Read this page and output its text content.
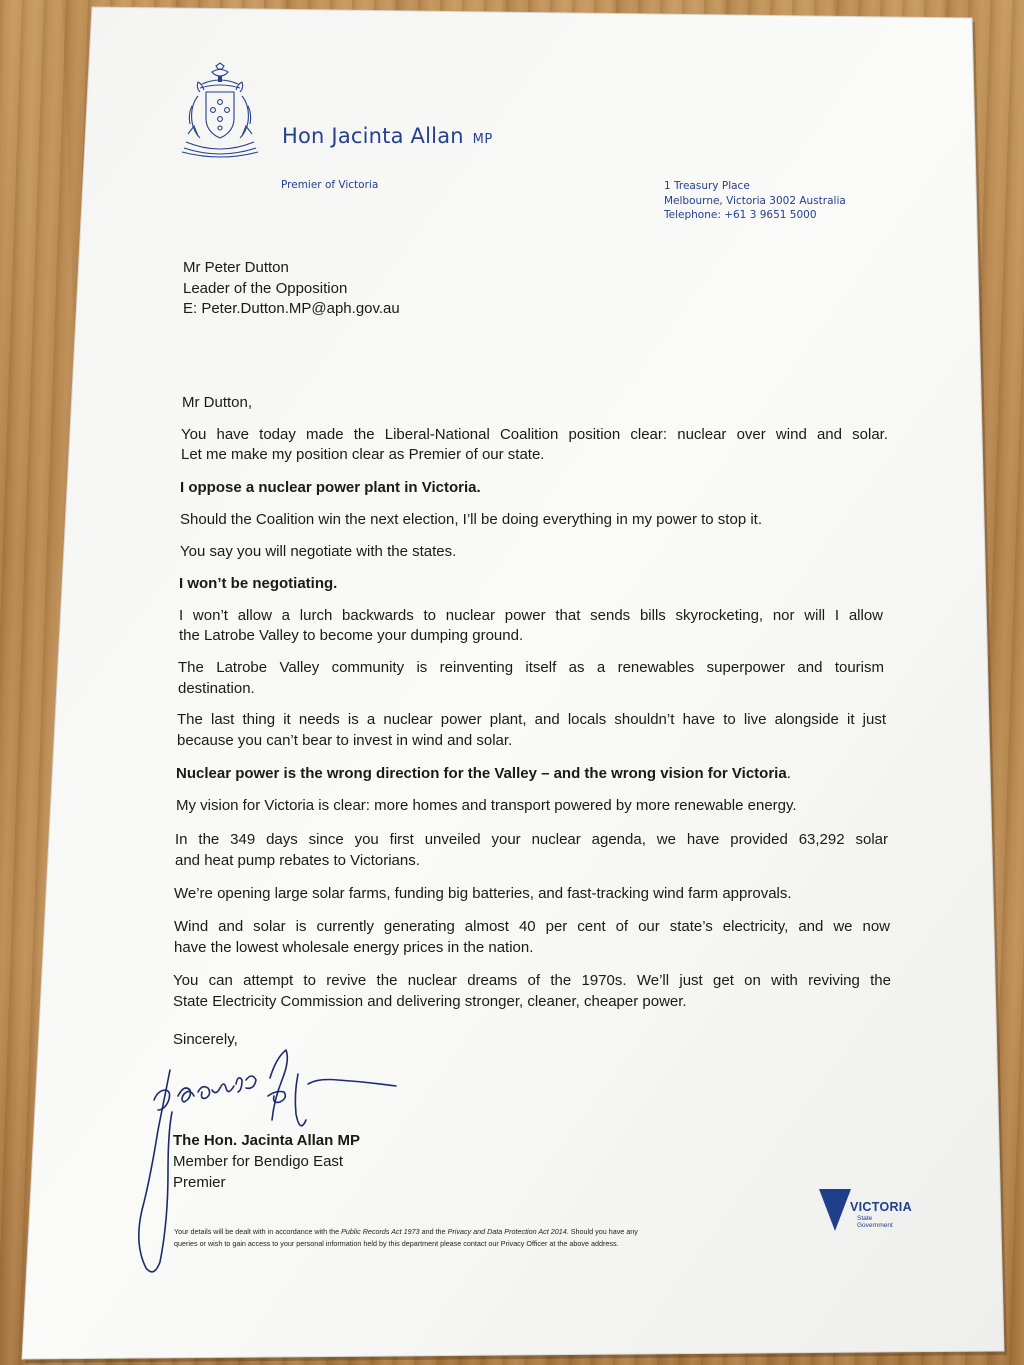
Hon Jacinta Allan MP
Premier of Victoria	1 Treasury Place
Melbourne, Victoria 3002 Australia
Telephone: +61 3 9651 5000
Mr Peter Dutton
Leader of the Opposition
E: Peter.Dutton.MP@aph.gov.au
Mr Dutton,
You have today made the Liberal-National Coalition position clear: nuclear over wind and solar.
Let me make my position clear as Premier of our state.
I oppose a nuclear power plant in Victoria.
Should the Coalition win the next election, I’ll be doing everything in my power to stop it.
You say you will negotiate with the states.
I won’t be negotiating.
I won’t allow a lurch backwards to nuclear power that sends bills skyrocketing, nor will I allow
the Latrobe Valley to become your dumping ground.
The Latrobe Valley community is reinventing itself as a renewables superpower and tourism
destination.
The last thing it needs is a nuclear power plant, and locals shouldn’t have to live alongside it just
because you can’t bear to invest in wind and solar.
Nuclear power is the wrong direction for the Valley – and the wrong vision for Victoria.
My vision for Victoria is clear: more homes and transport powered by more renewable energy.
In the 349 days since you first unveiled your nuclear agenda, we have provided 63,292 solar
and heat pump rebates to Victorians.
We’re opening large solar farms, funding big batteries, and fast-tracking wind farm approvals.
Wind and solar is currently generating almost 40 per cent of our state’s electricity, and we now
have the lowest wholesale energy prices in the nation.
You can attempt to revive the nuclear dreams of the 1970s. We’ll just get on with reviving the
State Electricity Commission and delivering stronger, cleaner, cheaper power.
Sincerely,
The Hon. Jacinta Allan MP
Member for Bendigo East
Premier
Your details will be dealt with in accordance with the Public Records Act 1973 and the Privacy and Data Protection Act 2014. Should you have any
queries or wish to gain access to your personal information held by this department please contact our Privacy Officer at the above address.
VICTORIA
State
Government
